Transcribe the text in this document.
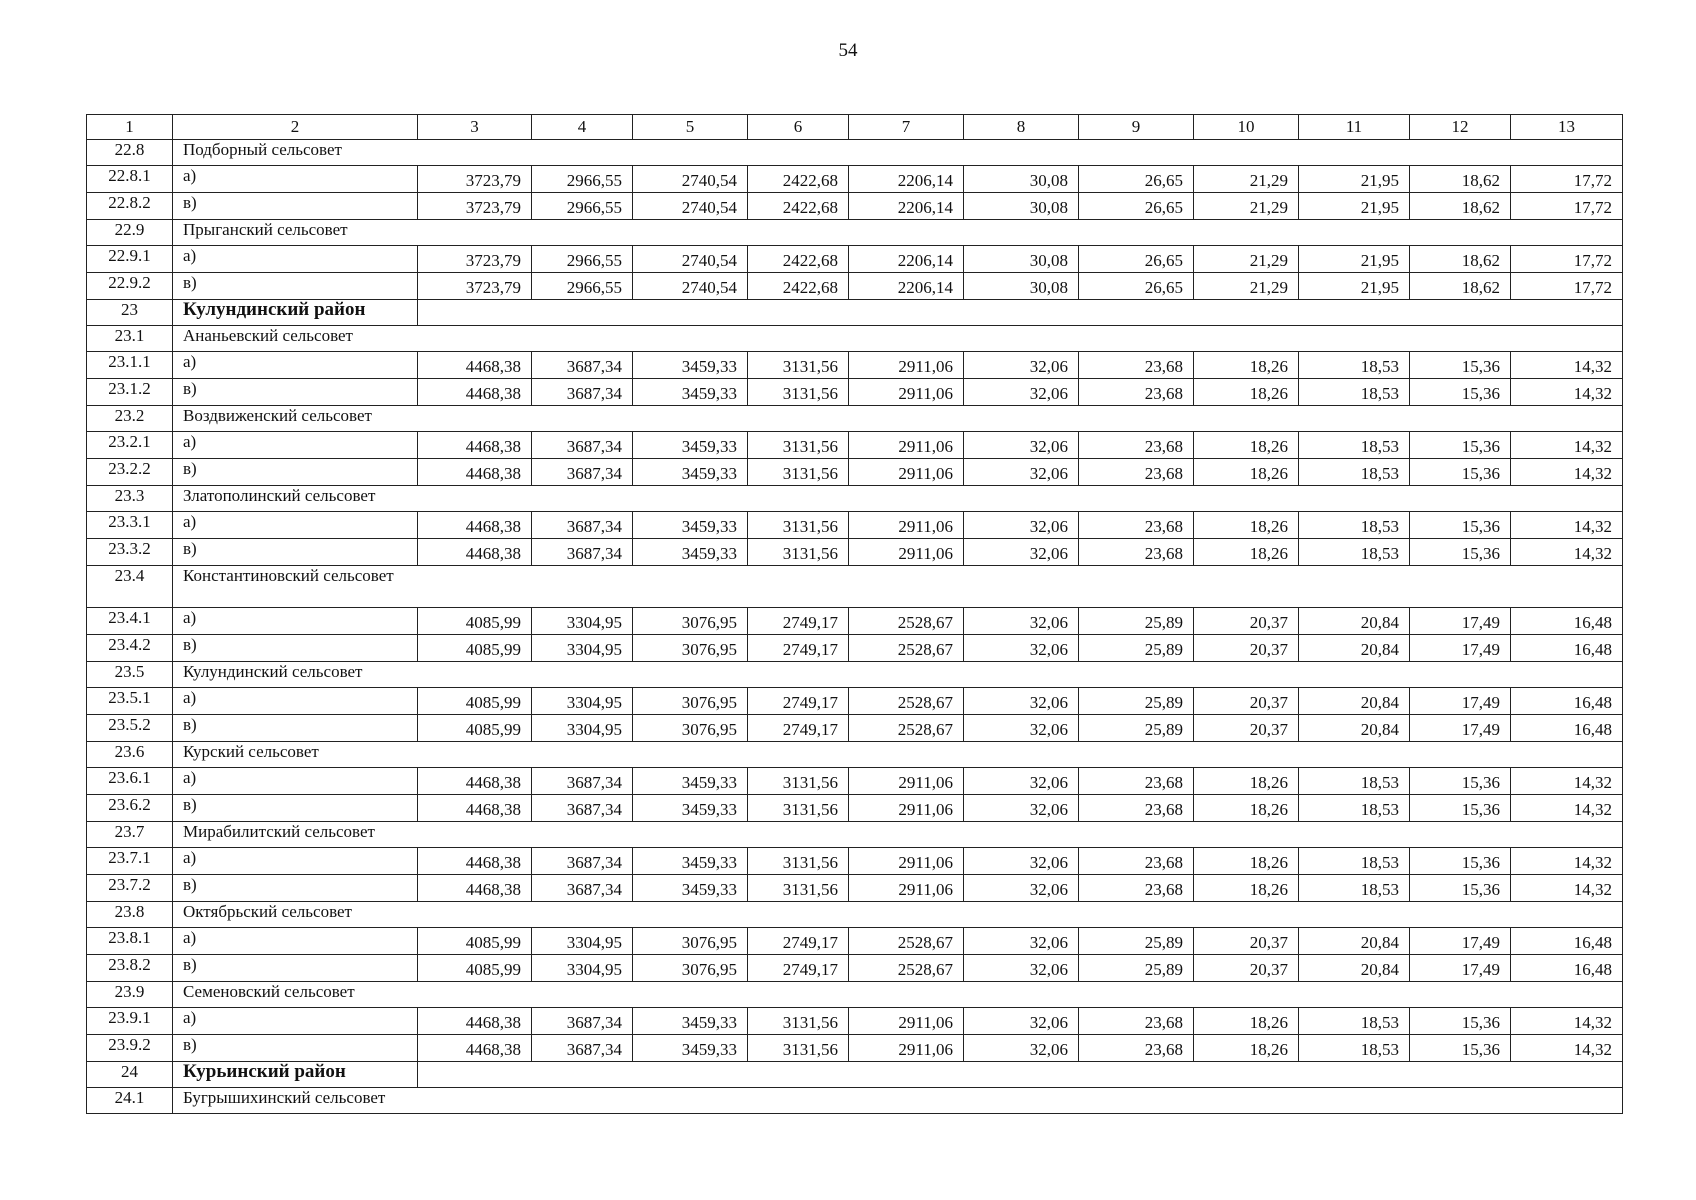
54
1	2	3	4	5	6	7	8	9	10	11	12	13
22.8	Подборный сельсовет											
22.8.1	а)	3723,79	2966,55	2740,54	2422,68	2206,14	30,08	26,65	21,29	21,95	18,62	17,72
22.8.2	в)	3723,79	2966,55	2740,54	2422,68	2206,14	30,08	26,65	21,29	21,95	18,62	17,72
22.9	Прыганский сельсовет											
22.9.1	а)	3723,79	2966,55	2740,54	2422,68	2206,14	30,08	26,65	21,29	21,95	18,62	17,72
22.9.2	в)	3723,79	2966,55	2740,54	2422,68	2206,14	30,08	26,65	21,29	21,95	18,62	17,72
23	Кулундинский район											
23.1	Ананьевский сельсовет											
23.1.1	а)	4468,38	3687,34	3459,33	3131,56	2911,06	32,06	23,68	18,26	18,53	15,36	14,32
23.1.2	в)	4468,38	3687,34	3459,33	3131,56	2911,06	32,06	23,68	18,26	18,53	15,36	14,32
23.2	Воздвиженский сельсовет											
23.2.1	а)	4468,38	3687,34	3459,33	3131,56	2911,06	32,06	23,68	18,26	18,53	15,36	14,32
23.2.2	в)	4468,38	3687,34	3459,33	3131,56	2911,06	32,06	23,68	18,26	18,53	15,36	14,32
23.3	Златополинский сельсовет											
23.3.1	а)	4468,38	3687,34	3459,33	3131,56	2911,06	32,06	23,68	18,26	18,53	15,36	14,32
23.3.2	в)	4468,38	3687,34	3459,33	3131,56	2911,06	32,06	23,68	18,26	18,53	15,36	14,32
23.4	Константиновский сельсовет											
23.4.1	а)	4085,99	3304,95	3076,95	2749,17	2528,67	32,06	25,89	20,37	20,84	17,49	16,48
23.4.2	в)	4085,99	3304,95	3076,95	2749,17	2528,67	32,06	25,89	20,37	20,84	17,49	16,48
23.5	Кулундинский сельсовет											
23.5.1	а)	4085,99	3304,95	3076,95	2749,17	2528,67	32,06	25,89	20,37	20,84	17,49	16,48
23.5.2	в)	4085,99	3304,95	3076,95	2749,17	2528,67	32,06	25,89	20,37	20,84	17,49	16,48
23.6	Курский сельсовет											
23.6.1	а)	4468,38	3687,34	3459,33	3131,56	2911,06	32,06	23,68	18,26	18,53	15,36	14,32
23.6.2	в)	4468,38	3687,34	3459,33	3131,56	2911,06	32,06	23,68	18,26	18,53	15,36	14,32
23.7	Мирабилитский сельсовет											
23.7.1	а)	4468,38	3687,34	3459,33	3131,56	2911,06	32,06	23,68	18,26	18,53	15,36	14,32
23.7.2	в)	4468,38	3687,34	3459,33	3131,56	2911,06	32,06	23,68	18,26	18,53	15,36	14,32
23.8	Октябрьский сельсовет											
23.8.1	а)	4085,99	3304,95	3076,95	2749,17	2528,67	32,06	25,89	20,37	20,84	17,49	16,48
23.8.2	в)	4085,99	3304,95	3076,95	2749,17	2528,67	32,06	25,89	20,37	20,84	17,49	16,48
23.9	Семеновский сельсовет											
23.9.1	а)	4468,38	3687,34	3459,33	3131,56	2911,06	32,06	23,68	18,26	18,53	15,36	14,32
23.9.2	в)	4468,38	3687,34	3459,33	3131,56	2911,06	32,06	23,68	18,26	18,53	15,36	14,32
24	Курьинский район											
24.1	Бугрышихинский сельсовет											
